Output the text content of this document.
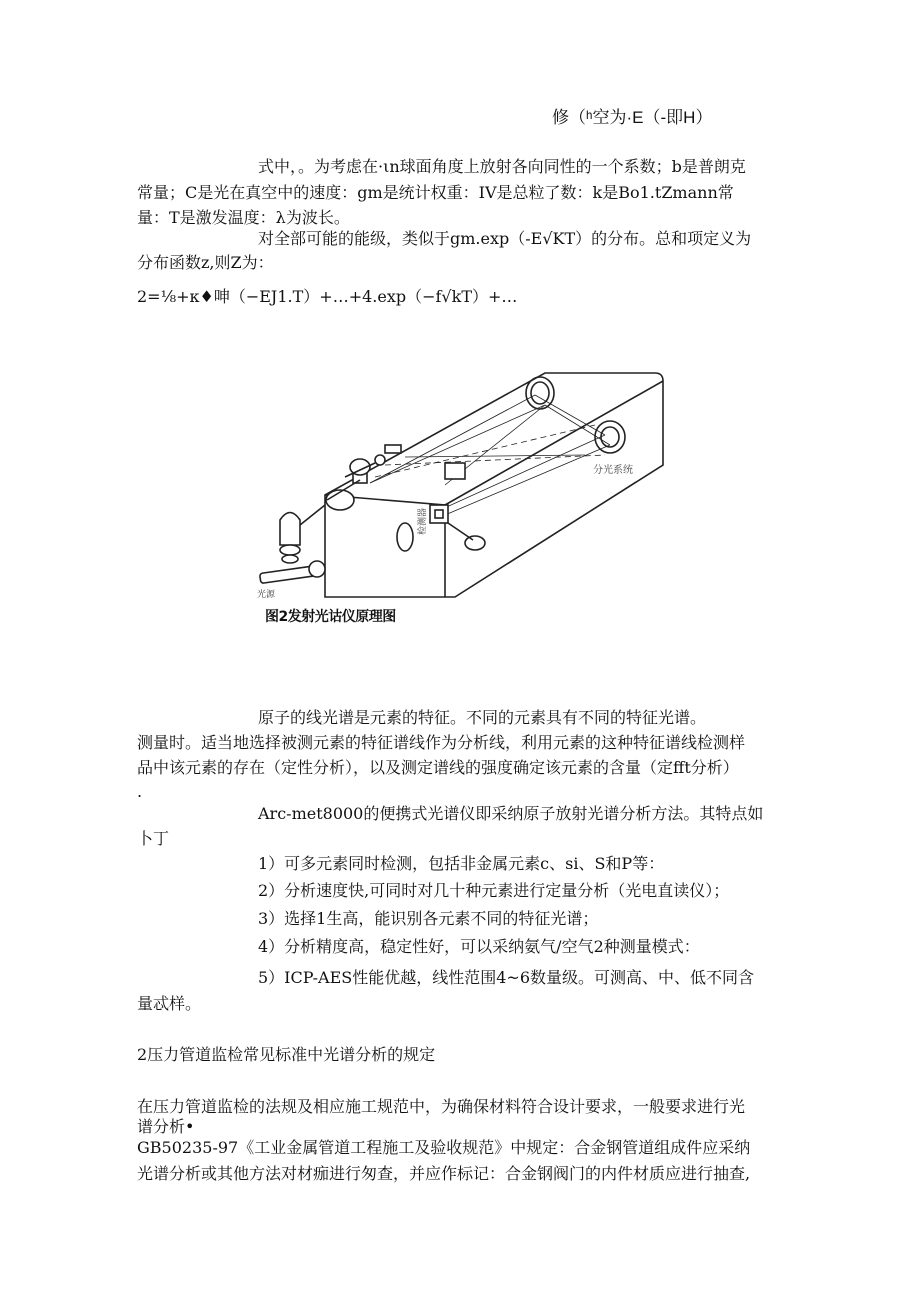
修（ʰ空为·E（-即H）
式中，。为考虑在·ιn球面角度上放射各向同性的一个系数；b是普朗克
常量；C是光在真空中的速度：gm是统计权重：IV是总粒了数：k是Bo1.tZmann常
量：T是激发温度：λ为波长。
对全部可能的能级，类似于gm.exp（-E√KT）的分布。总和项定义为
分布函数z,则Z为：
2=⅛+κ♦呻（−EJ1.T）+…+4.exp（−f√kT）+…
分光系统
检测器
光源
图2发射光诂仪原理图
原子的线光谱是元素的特征。不同的元素具有不同的特征光谱。
测量时。适当地选择被测元素的特征谱线作为分析线，利用元素的这种特征谱线检测样
品中该元素的存在（定性分析），以及测定谱线的强度确定该元素的含量（定fft分析）
.
Arc-met8000的便携式光谱仪即采纳原子放射光谱分析方法。其特点如
卜丁
1）可多元素同时检测，包括非金属元素c、si、S和P等：
2）分析速度快,可同时对几十种元素进行定量分析（光电直读仪）；
3）选择1生高，能识别各元素不同的特征光谱；
4）分析精度高，稳定性好，可以采纳氨气/空气2种测量模式：
5）ICP-AES性能优越，线性范围4~6数量级。可测高、中、低不同含
量忒样。
2压力管道监检常见标准中光谱分析的规定
在压力管道监检的法规及相应施工规范中，为确保材料符合设计要求，一般要求进行光
谱分析•
GB50235-97《工业金属管道工程施工及验收规范》中规定：合金钢管道组成件应采纳
光谱分析或其他方法对材痂进行匆查，并应作标记：合金钢阀门的内件材质应进行抽查,
